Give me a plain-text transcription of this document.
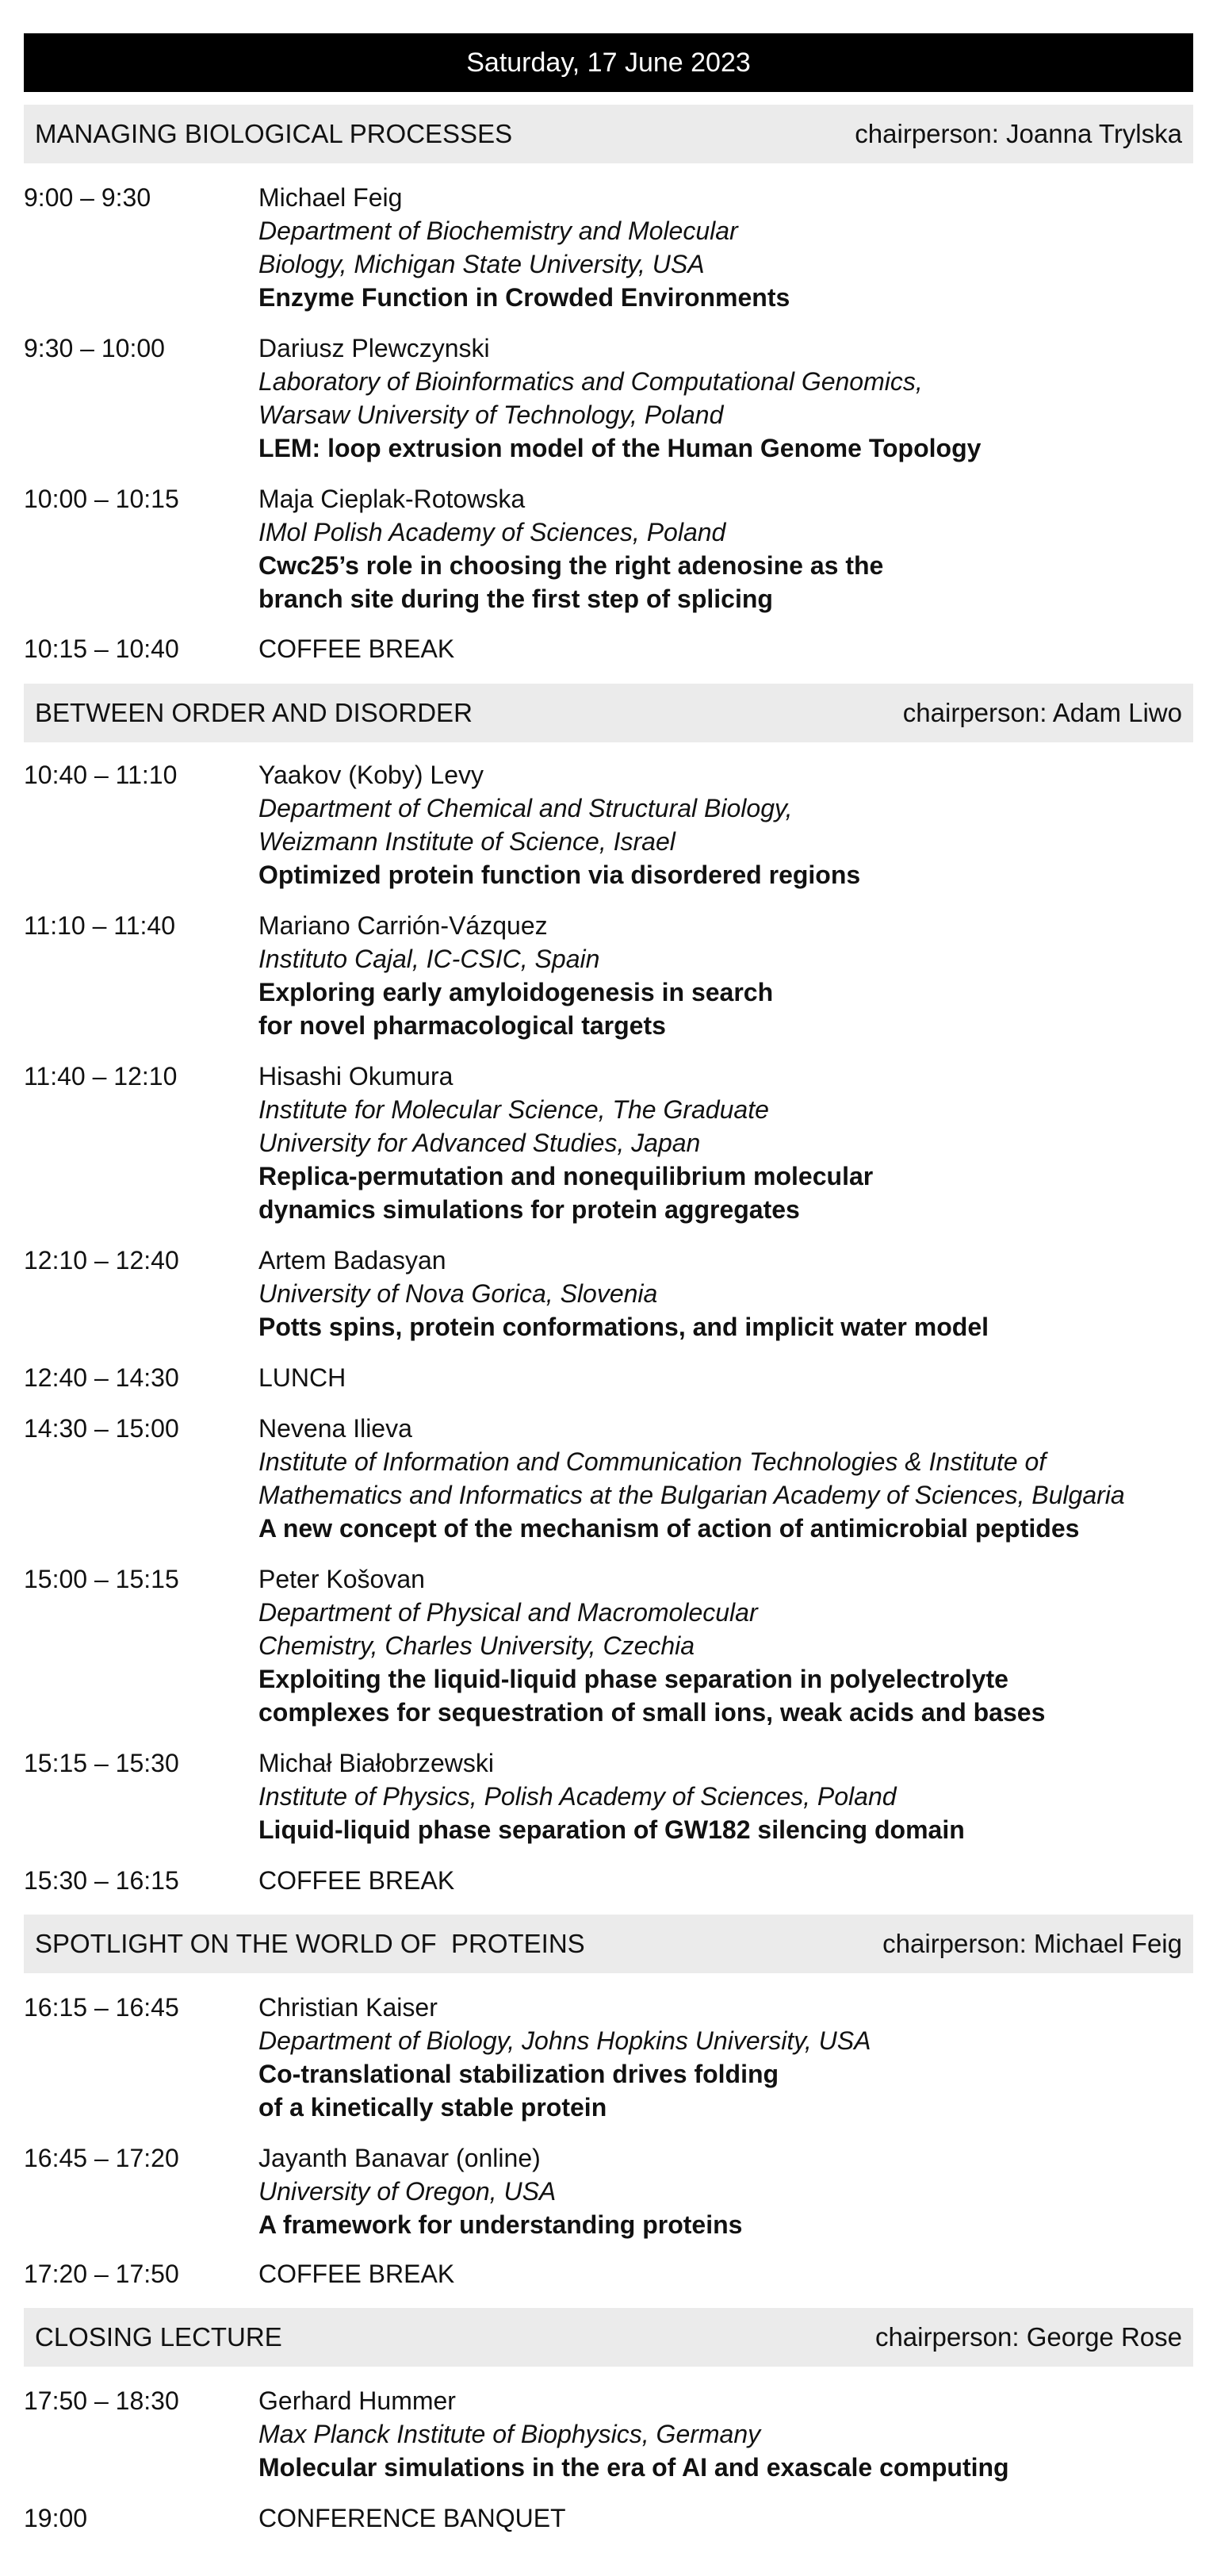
Saturday, 17 June 2023
MANAGING BIOLOGICAL PROCESSES	chairperson: Joanna Trylska
9:00 – 9:30	Michael Feig
Department of Biochemistry and Molecular
Biology, Michigan State University, USA
Enzyme Function in Crowded Environments
9:30 – 10:00	Dariusz Plewczynski
Laboratory of Bioinformatics and Computational Genomics,
Warsaw University of Technology, Poland
LEM: loop extrusion model of the Human Genome Topology
10:00 – 10:15	Maja Cieplak-Rotowska
IMol Polish Academy of Sciences, Poland
Cwc25’s role in choosing the right adenosine as the
branch site during the first step of splicing
10:15 – 10:40	COFFEE BREAK
BETWEEN ORDER AND DISORDER	chairperson: Adam Liwo
10:40 – 11:10	Yaakov (Koby) Levy
Department of Chemical and Structural Biology,
Weizmann Institute of Science, Israel
Optimized protein function via disordered regions
11:10 – 11:40	Mariano Carrión-Vázquez
Instituto Cajal, IC-CSIC, Spain
Exploring early amyloidogenesis in search
for novel pharmacological targets
11:40 – 12:10	Hisashi Okumura
Institute for Molecular Science, The Graduate
University for Advanced Studies, Japan
Replica-permutation and nonequilibrium molecular
dynamics simulations for protein aggregates
12:10 – 12:40	Artem Badasyan
University of Nova Gorica, Slovenia
Potts spins, protein conformations, and implicit water model
12:40 – 14:30	LUNCH
14:30 – 15:00	Nevena Ilieva
Institute of Information and Communication Technologies & Institute of
Mathematics and Informatics at the Bulgarian Academy of Sciences, Bulgaria
A new concept of the mechanism of action of antimicrobial peptides
15:00 – 15:15	Peter Košovan
Department of Physical and Macromolecular
Chemistry, Charles University, Czechia
Exploiting the liquid-liquid phase separation in polyelectrolyte
complexes for sequestration of small ions, weak acids and bases
15:15 – 15:30	Michał Białobrzewski
Institute of Physics, Polish Academy of Sciences, Poland
Liquid-liquid phase separation of GW182 silencing domain
15:30 – 16:15	COFFEE BREAK
SPOTLIGHT ON THE WORLD OF  PROTEINS	chairperson: Michael Feig
16:15 – 16:45	Christian Kaiser
Department of Biology, Johns Hopkins University, USA
Co-translational stabilization drives folding
of a kinetically stable protein
16:45 – 17:20	Jayanth Banavar (online)
University of Oregon, USA
A framework for understanding proteins
17:20 – 17:50	COFFEE BREAK
CLOSING LECTURE	chairperson: George Rose
17:50 – 18:30	Gerhard Hummer
Max Planck Institute of Biophysics, Germany
Molecular simulations in the era of AI and exascale computing
19:00	CONFERENCE BANQUET
